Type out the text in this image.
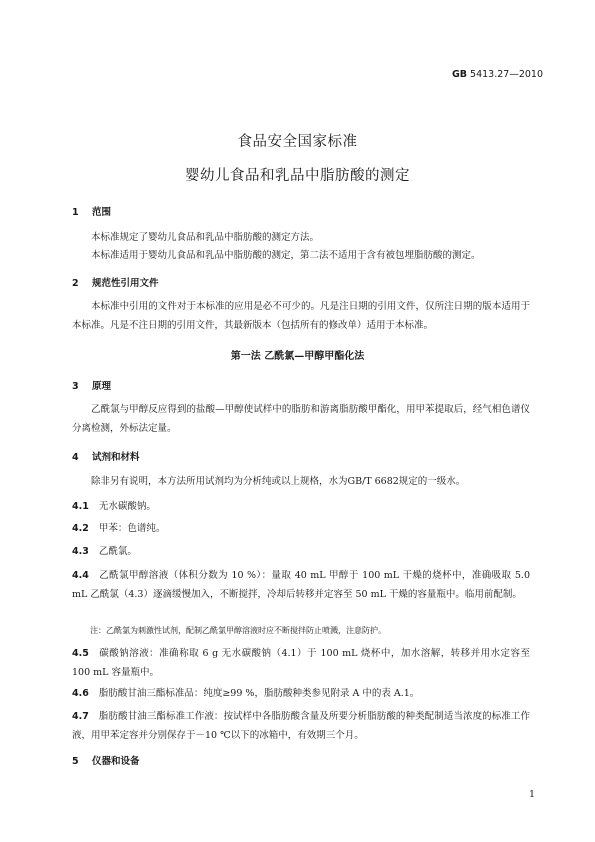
GB 5413.27—2010
食品安全国家标准
婴幼儿食品和乳品中脂肪酸的测定
1 范围
本标准规定了婴幼儿食品和乳品中脂肪酸的测定方法。
本标准适用于婴幼儿食品和乳品中脂肪酸的测定，第二法不适用于含有被包埋脂肪酸的测定。
2 规范性引用文件
本标准中引用的文件对于本标准的应用是必不可少的。凡是注日期的引用文件，仅所注日期的版本适用于本标准。凡是不注日期的引用文件，其最新版本（包括所有的修改单）适用于本标准。
第一法 乙酰氯—甲醇甲酯化法
3 原理
乙酰氯与甲醇反应得到的盐酸—甲醇使试样中的脂肪和游离脂肪酸甲酯化，用甲苯提取后，经气相色谱仪分离检测，外标法定量。
4 试剂和材料
除非另有说明，本方法所用试剂均为分析纯或以上规格，水为GB/T 6682规定的一级水。
4.1 无水碳酸钠。
4.2 甲苯：色谱纯。
4.3 乙酰氯。
4.4 乙酰氯甲醇溶液（体积分数为 10 %）：量取 40 mL 甲醇于 100 mL 干燥的烧杯中，准确吸取 5.0 mL 乙酰氯（4.3）逐滴缓慢加入，不断搅拌，冷却后转移并定容至 50 mL 干燥的容量瓶中。临用前配制。
注：乙酰氯为刺激性试剂，配制乙酰氯甲醇溶液时应不断搅拌防止喷溅，注意防护。
4.5 碳酸钠溶液：准确称取 6 g 无水碳酸钠（4.1）于 100 mL 烧杯中，加水溶解，转移并用水定容至 100 mL 容量瓶中。
4.6 脂肪酸甘油三酯标准品：纯度≥99 %，脂肪酸种类参见附录 A 中的表 A.1。
4.7 脂肪酸甘油三酯标准工作液：按试样中各脂肪酸含量及所要分析脂肪酸的种类配制适当浓度的标准工作液，用甲苯定容并分别保存于－10 ℃以下的冰箱中，有效期三个月。
5 仪器和设备
1
